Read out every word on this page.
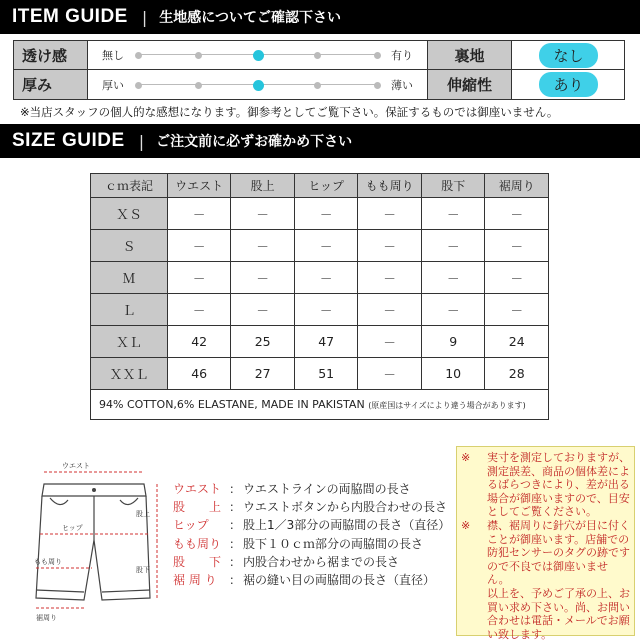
ITEM GUIDE | 生地感についてご確認下さい
透け感	無し	有り	裏地	なし
厚み	厚い	薄い	伸縮性	あり
※当店スタッフの個人的な感想になります。御参考としてご覧下さい。保証するものでは御座いません。
SIZE GUIDE | ご注文前に必ずお確かめ下さい
ｃｍ表記	ウエスト	股上	ヒップ	もも周り	股下	裾周り
ＸＳ	－	－	－	－	－	－
Ｓ	－	－	－	－	－	－
Ｍ	－	－	－	－	－	－
Ｌ	－	－	－	－	－	－
ＸＬ	42	25	47	－	9	24
ＸＸＬ	46	27	51	－	10	28
94% COTTON,6% ELASTANE, MADE IN PAKISTAN (原産国はサイズにより違う場合があります)						
ウエスト
ヒップ
股上
もも周り
股下
裾周り
ウエスト ： ウエストラインの両脇間の長さ
股　　上 ： ウエストボタンから内股合わせの長さ
ヒップ	： 股上1／3部分の両脇間の長さ（直径）
もも周り ： 股下１０ｃｍ部分の両脇間の長さ
股　　下 ： 内股合わせから裾までの長さ
裾 周 り	： 裾の縫い目の両脇間の長さ（直径）
※	実寸を測定しておりますが、測定誤差、商品の個体差によるばらつきにより、差が出る場合が御座いますので、目安としてご覧ください。
※	襟、裾周りに針穴が目に付くことが御座います。店舗での防犯センサーのタグの跡ですので不良では御座いません。
以上を、予めご了承の上、お買い求め下さい。尚、お問い合わせは電話・メールでお願い致します。
